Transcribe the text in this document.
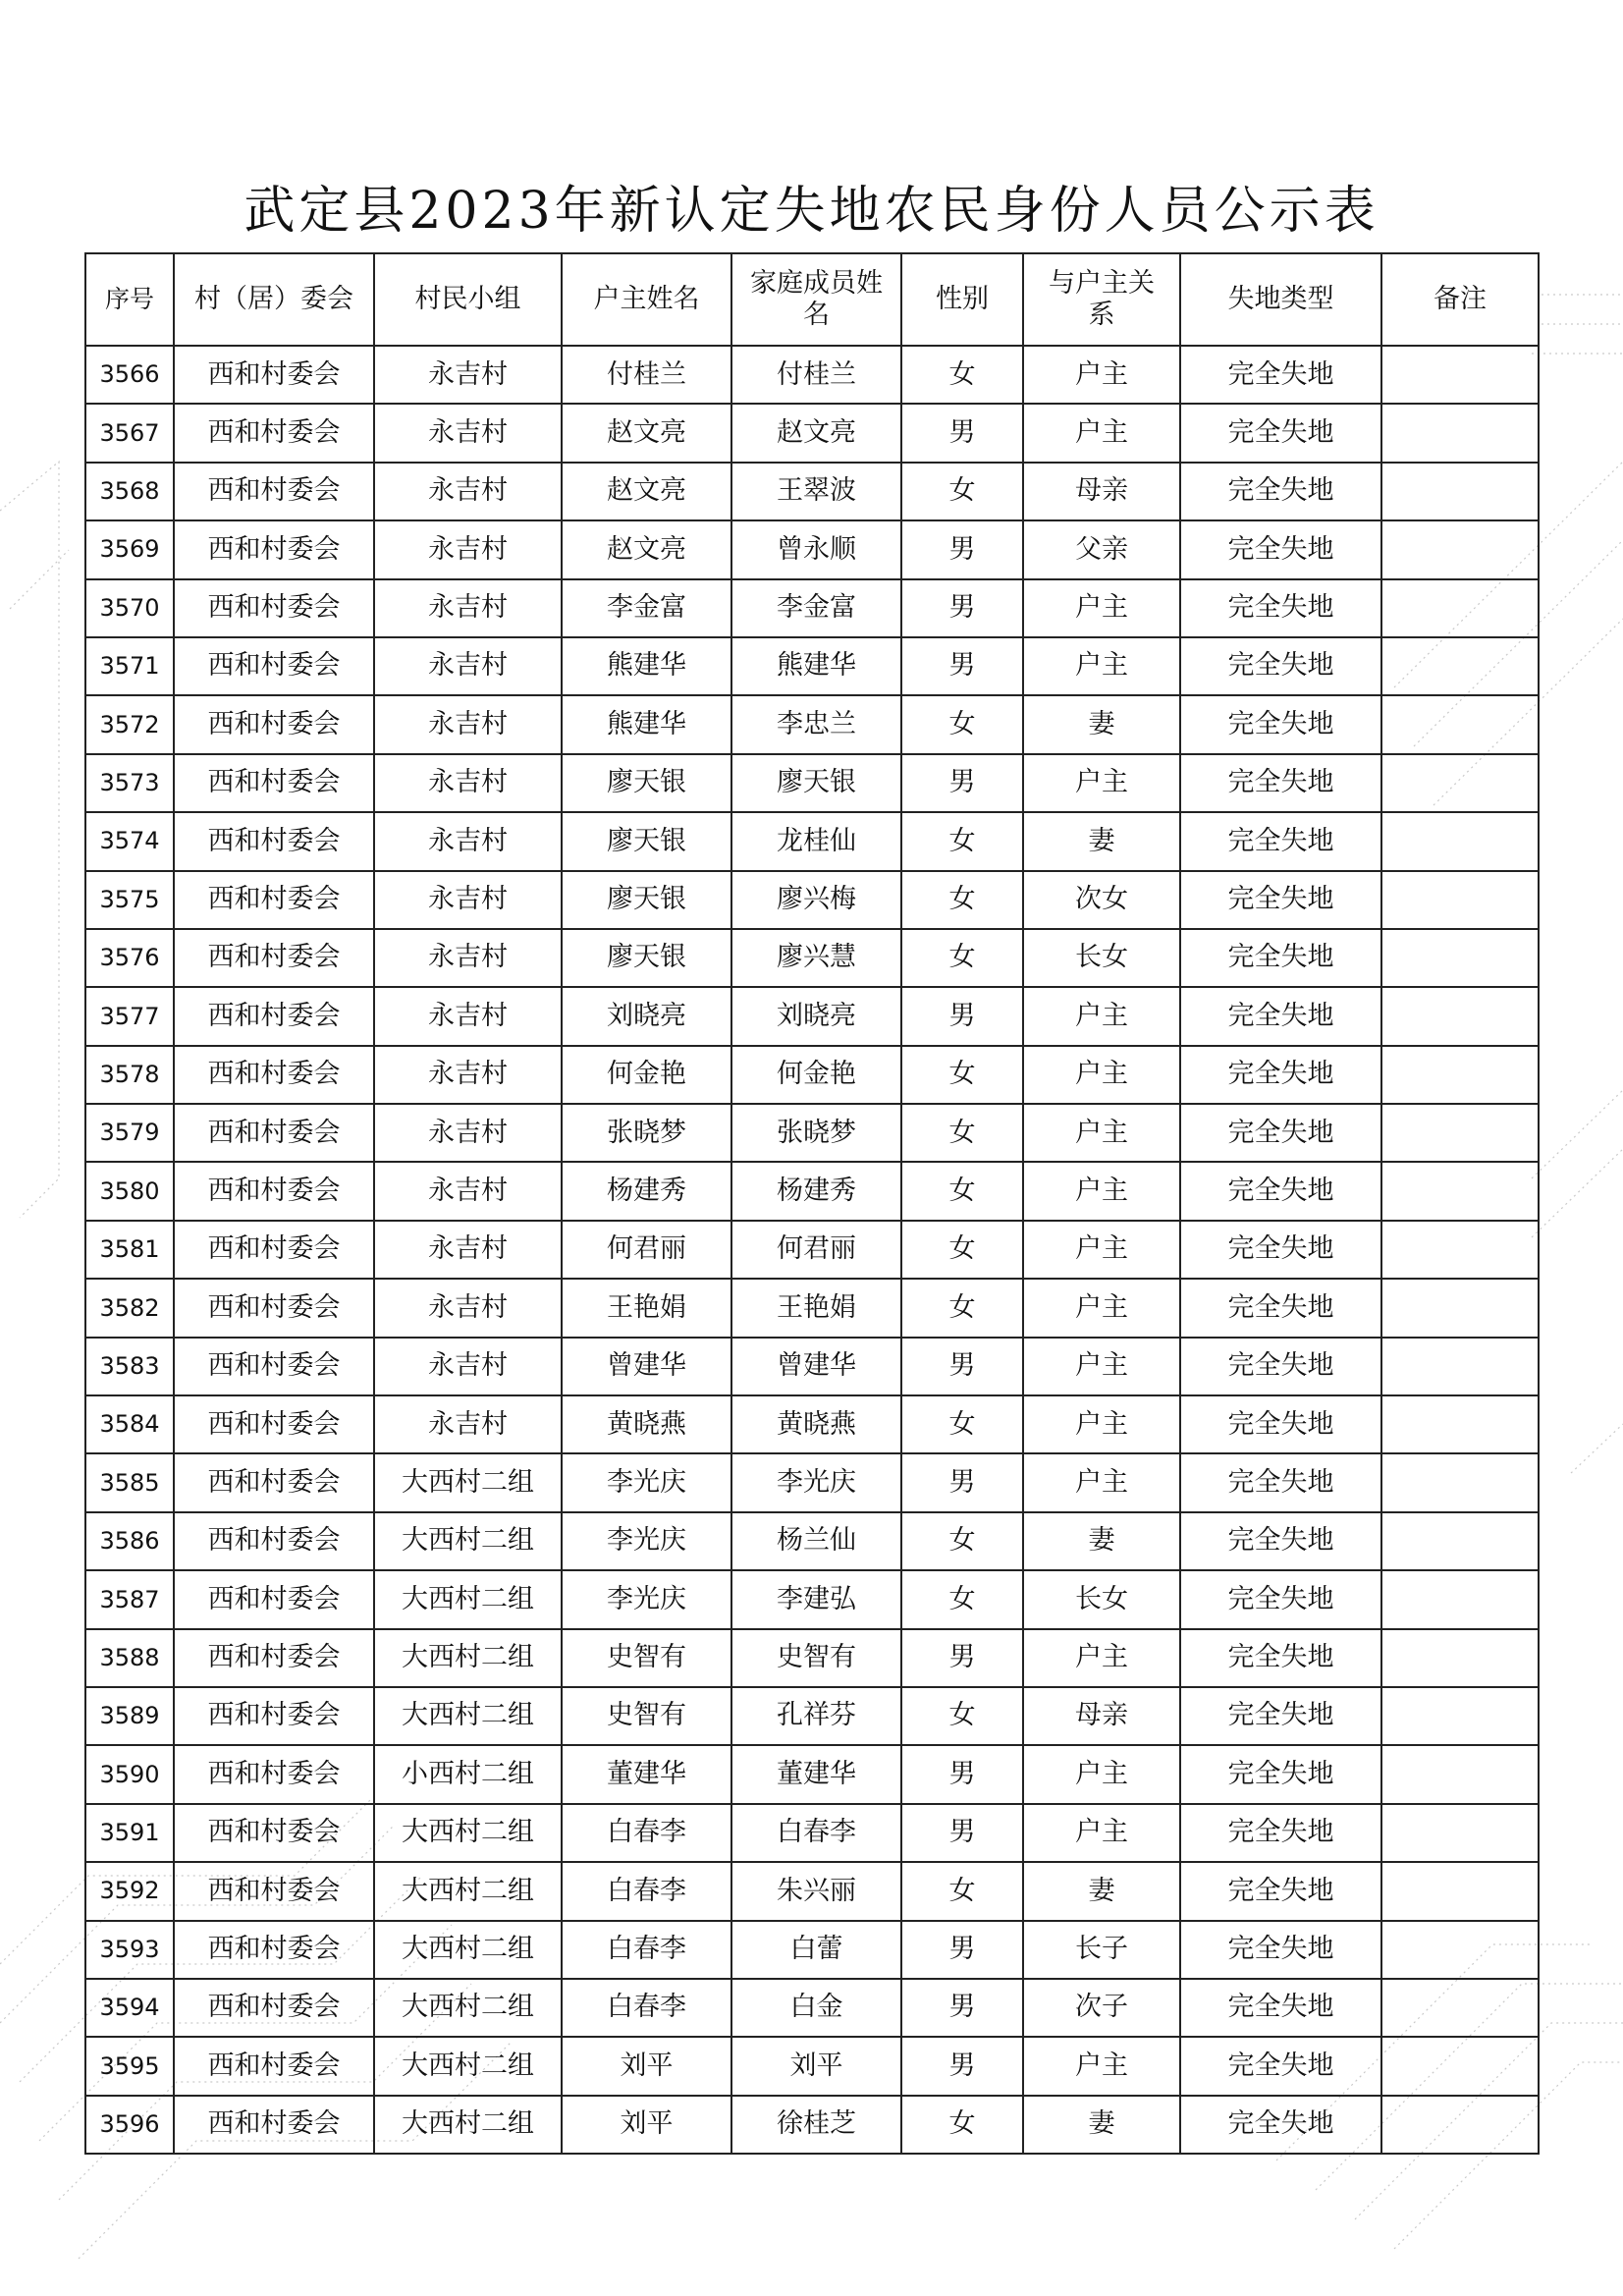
武定县2023年新认定失地农民身份人员公示表
序号	村（居）委会	村民小组	户主姓名	家庭成员姓名	性别	与户主关系	失地类型	备注
3566	西和村委会	永吉村	付桂兰	付桂兰	女	户主	完全失地	
3567	西和村委会	永吉村	赵文亮	赵文亮	男	户主	完全失地	
3568	西和村委会	永吉村	赵文亮	王翠波	女	母亲	完全失地	
3569	西和村委会	永吉村	赵文亮	曾永顺	男	父亲	完全失地	
3570	西和村委会	永吉村	李金富	李金富	男	户主	完全失地	
3571	西和村委会	永吉村	熊建华	熊建华	男	户主	完全失地	
3572	西和村委会	永吉村	熊建华	李忠兰	女	妻	完全失地	
3573	西和村委会	永吉村	廖天银	廖天银	男	户主	完全失地	
3574	西和村委会	永吉村	廖天银	龙桂仙	女	妻	完全失地	
3575	西和村委会	永吉村	廖天银	廖兴梅	女	次女	完全失地	
3576	西和村委会	永吉村	廖天银	廖兴慧	女	长女	完全失地	
3577	西和村委会	永吉村	刘晓亮	刘晓亮	男	户主	完全失地	
3578	西和村委会	永吉村	何金艳	何金艳	女	户主	完全失地	
3579	西和村委会	永吉村	张晓梦	张晓梦	女	户主	完全失地	
3580	西和村委会	永吉村	杨建秀	杨建秀	女	户主	完全失地	
3581	西和村委会	永吉村	何君丽	何君丽	女	户主	完全失地	
3582	西和村委会	永吉村	王艳娟	王艳娟	女	户主	完全失地	
3583	西和村委会	永吉村	曾建华	曾建华	男	户主	完全失地	
3584	西和村委会	永吉村	黄晓燕	黄晓燕	女	户主	完全失地	
3585	西和村委会	大西村二组	李光庆	李光庆	男	户主	完全失地	
3586	西和村委会	大西村二组	李光庆	杨兰仙	女	妻	完全失地	
3587	西和村委会	大西村二组	李光庆	李建弘	女	长女	完全失地	
3588	西和村委会	大西村二组	史智有	史智有	男	户主	完全失地	
3589	西和村委会	大西村二组	史智有	孔祥芬	女	母亲	完全失地	
3590	西和村委会	小西村二组	董建华	董建华	男	户主	完全失地	
3591	西和村委会	大西村二组	白春李	白春李	男	户主	完全失地	
3592	西和村委会	大西村二组	白春李	朱兴丽	女	妻	完全失地	
3593	西和村委会	大西村二组	白春李	白蕾	男	长子	完全失地	
3594	西和村委会	大西村二组	白春李	白金	男	次子	完全失地	
3595	西和村委会	大西村二组	刘平	刘平	男	户主	完全失地	
3596	西和村委会	大西村二组	刘平	徐桂芝	女	妻	完全失地	
